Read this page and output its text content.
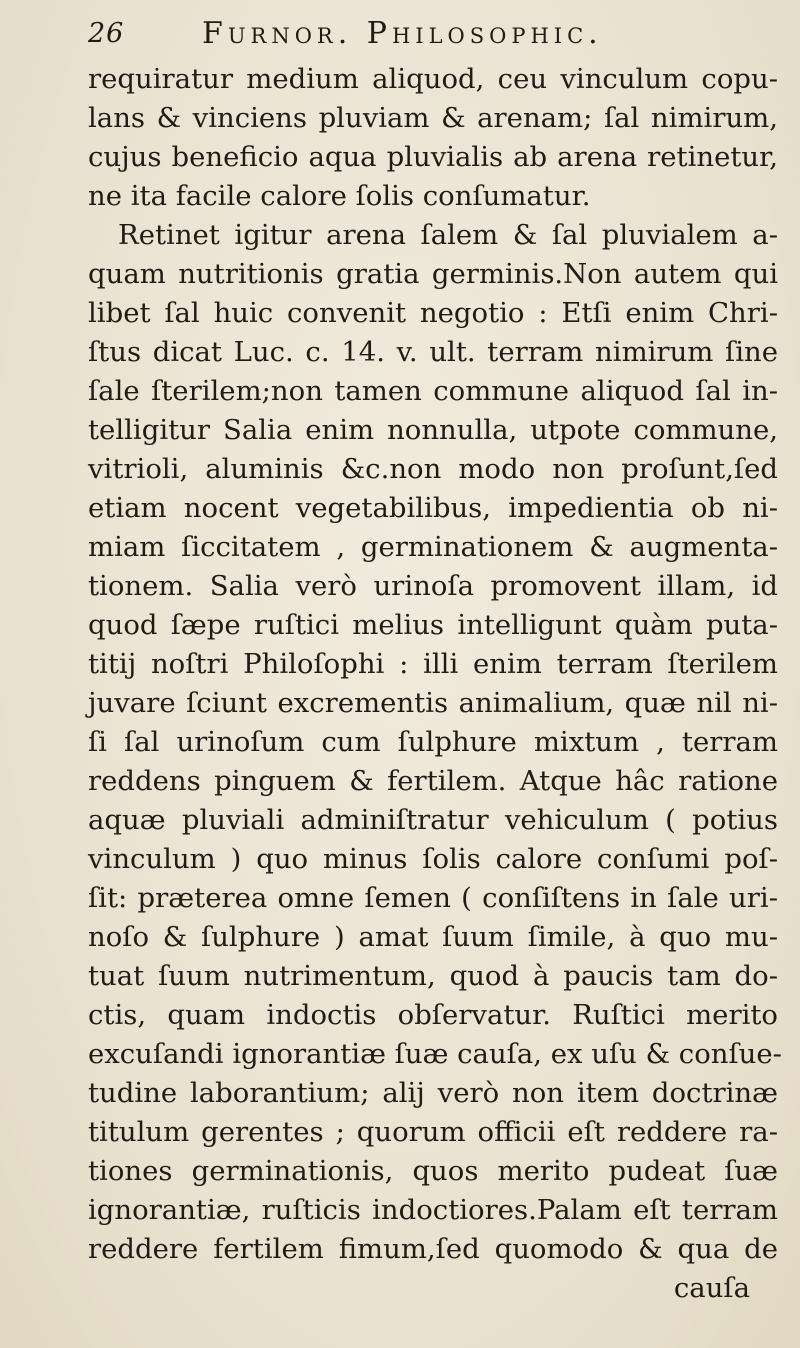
26	Furnor. Philosophic.
requiratur medium aliquod, ceu vinculum copu-
lans & vinciens pluviam & arenam; ſal nimirum,
cujus beneficio aqua pluvialis ab arena retinetur,
ne ita facile calore ſolis conſumatur.
Retinet igitur arena ſalem & ſal pluvialem a-
quam nutritionis gratia germinis.Non autem qui
libet ſal huic convenit negotio : Etſi enim Chri-
ſtus dicat Luc. c. 14. v. ult. terram nimirum ſine
ſale ſterilem;non tamen commune aliquod ſal in-
telligitur Salia enim nonnulla, utpote commune,
vitrioli, aluminis &c.non modo non proſunt,ſed
etiam nocent vegetabilibus, impedientia ob ni-
miam ſiccitatem , germinationem & augmenta-
tionem. Salia verò urinoſa promovent illam, id
quod ſæpe ruſtici melius intelligunt quàm puta-
titij noſtri Philoſophi : illi enim terram ſterilem
juvare ſciunt excrementis animalium, quæ nil ni-
ſi ſal urinoſum cum ſulphure mixtum , terram
reddens pinguem & fertilem. Atque hâc ratione
aquæ pluviali adminiſtratur vehiculum ( potius
vinculum ) quo minus ſolis calore conſumi poſ-
ſit: præterea omne ſemen ( conſiſtens in ſale uri-
noſo & ſulphure ) amat ſuum ſimile, à quo mu-
tuat ſuum nutrimentum, quod à paucis tam do-
ctis, quam indoctis obſervatur. Ruſtici merito
excuſandi ignorantiæ ſuæ cauſa, ex uſu & conſue-
tudine laborantium; alij verò non item doctrinæ
titulum gerentes ; quorum officii eſt reddere ra-
tiones germinationis, quos merito pudeat ſuæ
ignorantiæ, ruſticis indoctiores.Palam eſt terram
reddere fertilem fimum,ſed quomodo & qua de
cauſa
